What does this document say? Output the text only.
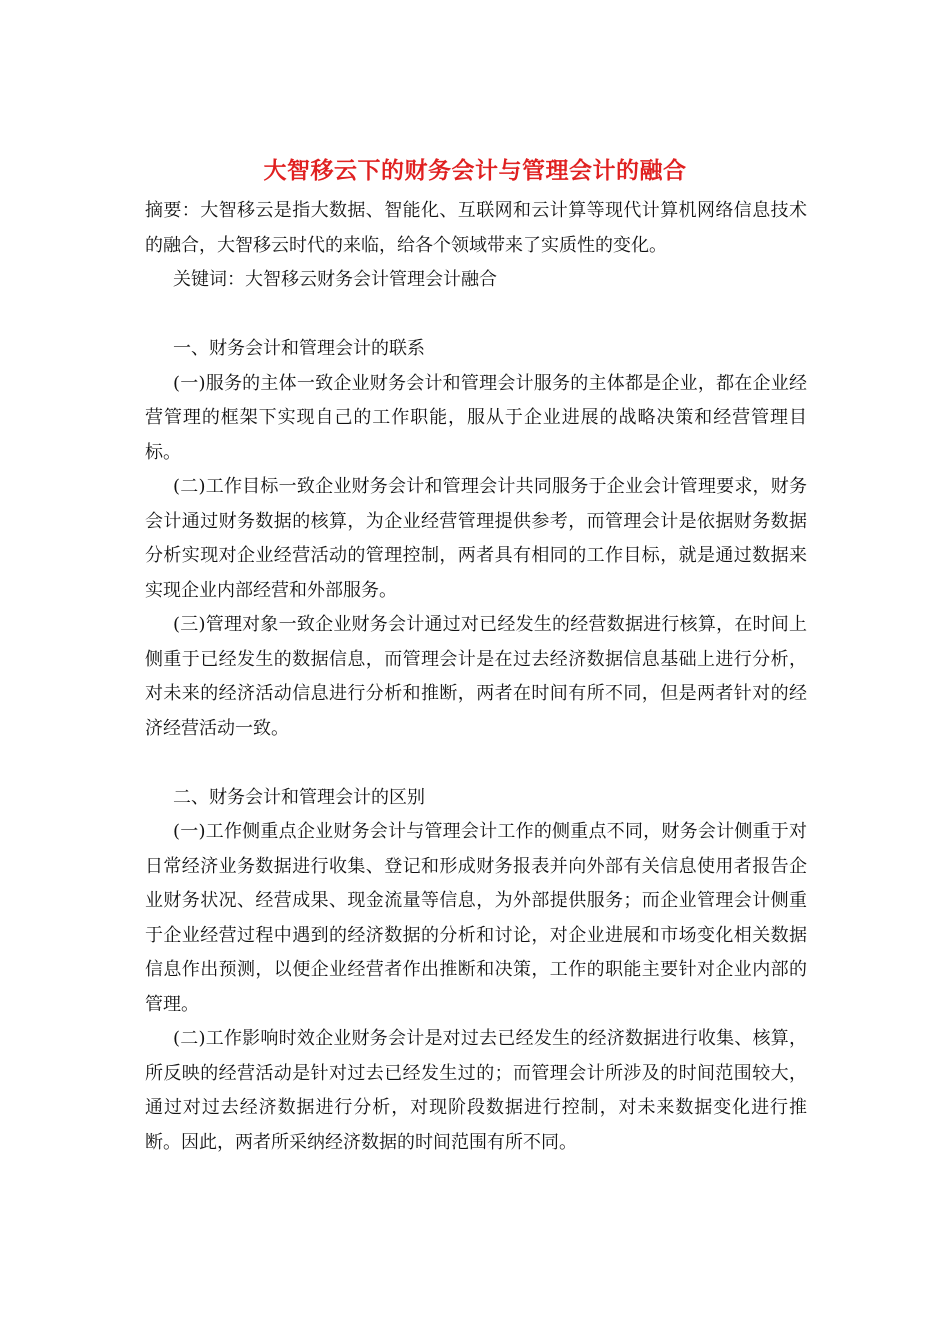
大智移云下的财务会计与管理会计的融合

摘要：大智移云是指大数据、智能化、互联网和云计算等现代计算机网络信息技术的融合，大智移云时代的来临，给各个领域带来了实质性的变化。

关键词：大智移云财务会计管理会计融合

一、财务会计和管理会计的联系

(一)服务的主体一致企业财务会计和管理会计服务的主体都是企业，都在企业经营管理的框架下实现自己的工作职能，服从于企业进展的战略决策和经营管理目标。

(二)工作目标一致企业财务会计和管理会计共同服务于企业会计管理要求，财务会计通过财务数据的核算，为企业经营管理提供参考，而管理会计是依据财务数据分析实现对企业经营活动的管理控制，两者具有相同的工作目标，就是通过数据来实现企业内部经营和外部服务。

(三)管理对象一致企业财务会计通过对已经发生的经营数据进行核算，在时间上侧重于已经发生的数据信息，而管理会计是在过去经济数据信息基础上进行分析，对未来的经济活动信息进行分析和推断，两者在时间有所不同，但是两者针对的经济经营活动一致。

二、财务会计和管理会计的区别

(一)工作侧重点企业财务会计与管理会计工作的侧重点不同，财务会计侧重于对日常经济业务数据进行收集、登记和形成财务报表并向外部有关信息使用者报告企业财务状况、经营成果、现金流量等信息，为外部提供服务；而企业管理会计侧重于企业经营过程中遇到的经济数据的分析和讨论，对企业进展和市场变化相关数据信息作出预测，以便企业经营者作出推断和决策，工作的职能主要针对企业内部的管理。

(二)工作影响时效企业财务会计是对过去已经发生的经济数据进行收集、核算，所反映的经营活动是针对过去已经发生过的；而管理会计所涉及的时间范围较大，通过对过去经济数据进行分析，对现阶段数据进行控制，对未来数据变化进行推断。因此，两者所采纳经济数据的时间范围有所不同。
